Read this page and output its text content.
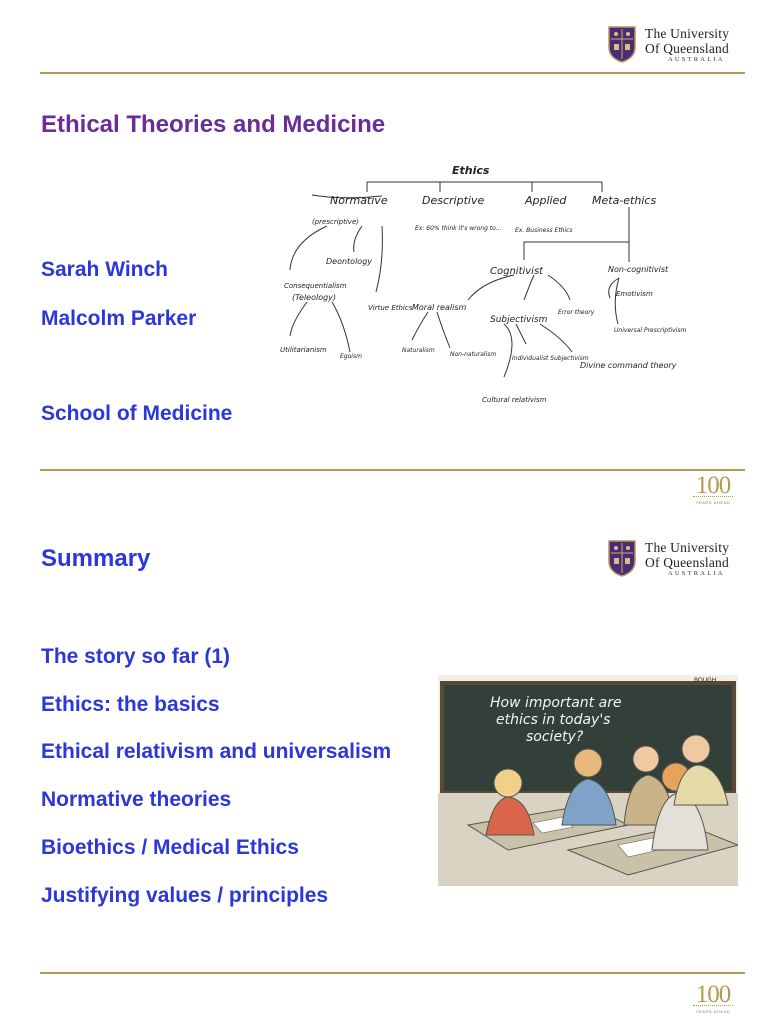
The University
Of Queensland
AUSTRALIA
Ethical Theories and Medicine
Sarah Winch
Malcolm Parker
School of Medicine
Ethics
Normative
(prescriptive)
Descriptive
Ex: 60% think it's wrong to...
Applied
Ex. Business Ethics
Meta-ethics
Deontology
Consequentialism
(Teleology)
Virtue Ethics
Utilitarianism
Egoism
Cognitivist	Non-cognitivist
Moral realism
Subjectivism
Error theory
Emotivism
Universal Prescriptivism
Naturalism
Non-naturalism
Individualist Subjectivism
Divine command theory
Cultural relativism
100
YEARS AHEAD
The University
Of Queensland
AUSTRALIA
Summary
The story so far (1)
Ethics: the basics
Ethical relativism and universalism
Normative theories
Bioethics / Medical Ethics
Justifying values / principles
How important are
ethics in today's
society?
BOUGH
100
YEARS AHEAD
